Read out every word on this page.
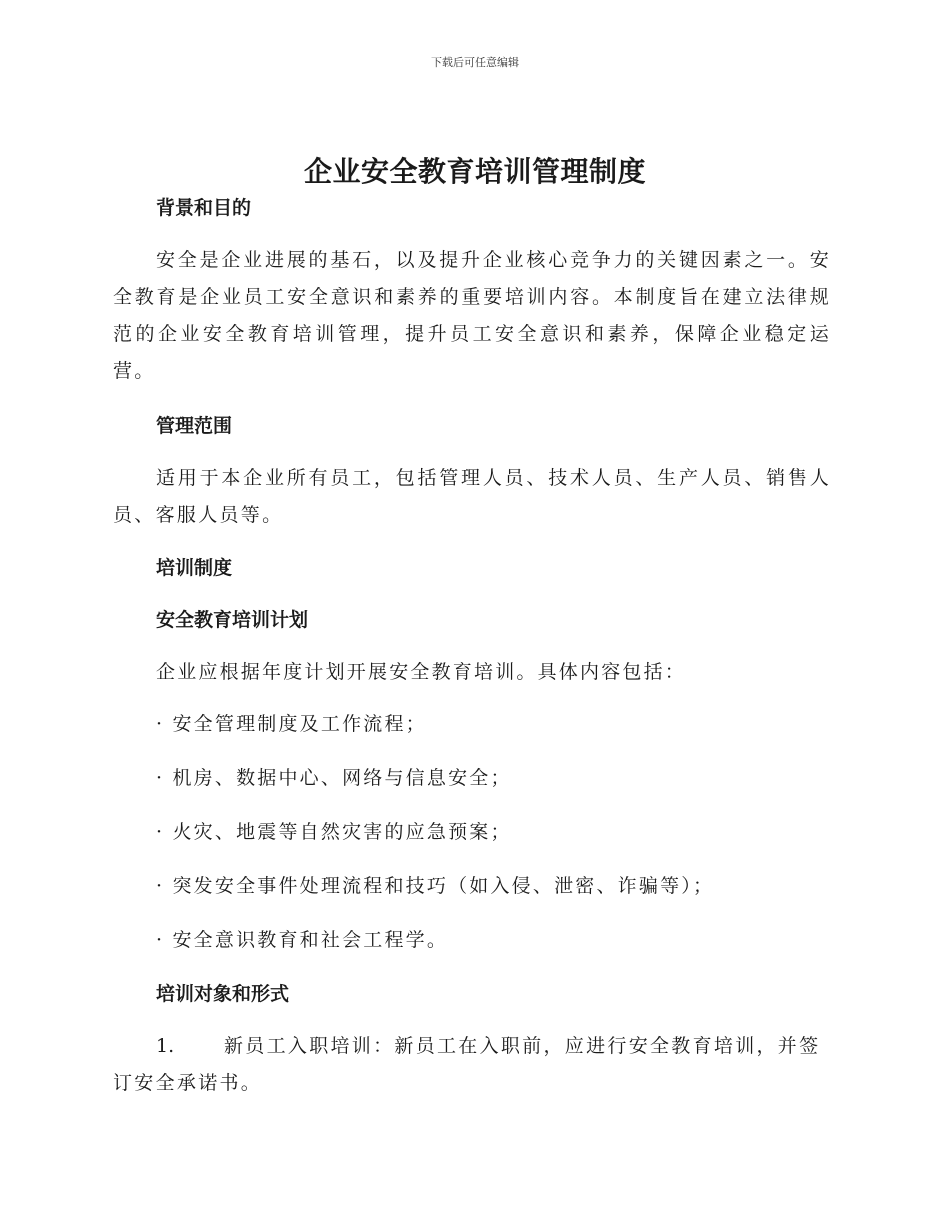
下载后可任意编辑
企业安全教育培训管理制度

背景和目的

安全是企业进展的基石，以及提升企业核心竞争力的关键因素之一。安全教育是企业员工安全意识和素养的重要培训内容。本制度旨在建立法律规范的企业安全教育培训管理，提升员工安全意识和素养，保障企业稳定运营。

管理范围

适用于本企业所有员工，包括管理人员、技术人员、生产人员、销售人员、客服人员等。

培训制度

安全教育培训计划

企业应根据年度计划开展安全教育培训。具体内容包括：

· 安全管理制度及工作流程；

· 机房、数据中心、网络与信息安全；

· 火灾、地震等自然灾害的应急预案；

· 突发安全事件处理流程和技巧（如入侵、泄密、诈骗等）；

· 安全意识教育和社会工程学。

培训对象和形式

1.	新员工入职培训：新员工在入职前，应进行安全教育培训，并签订安全承诺书。
